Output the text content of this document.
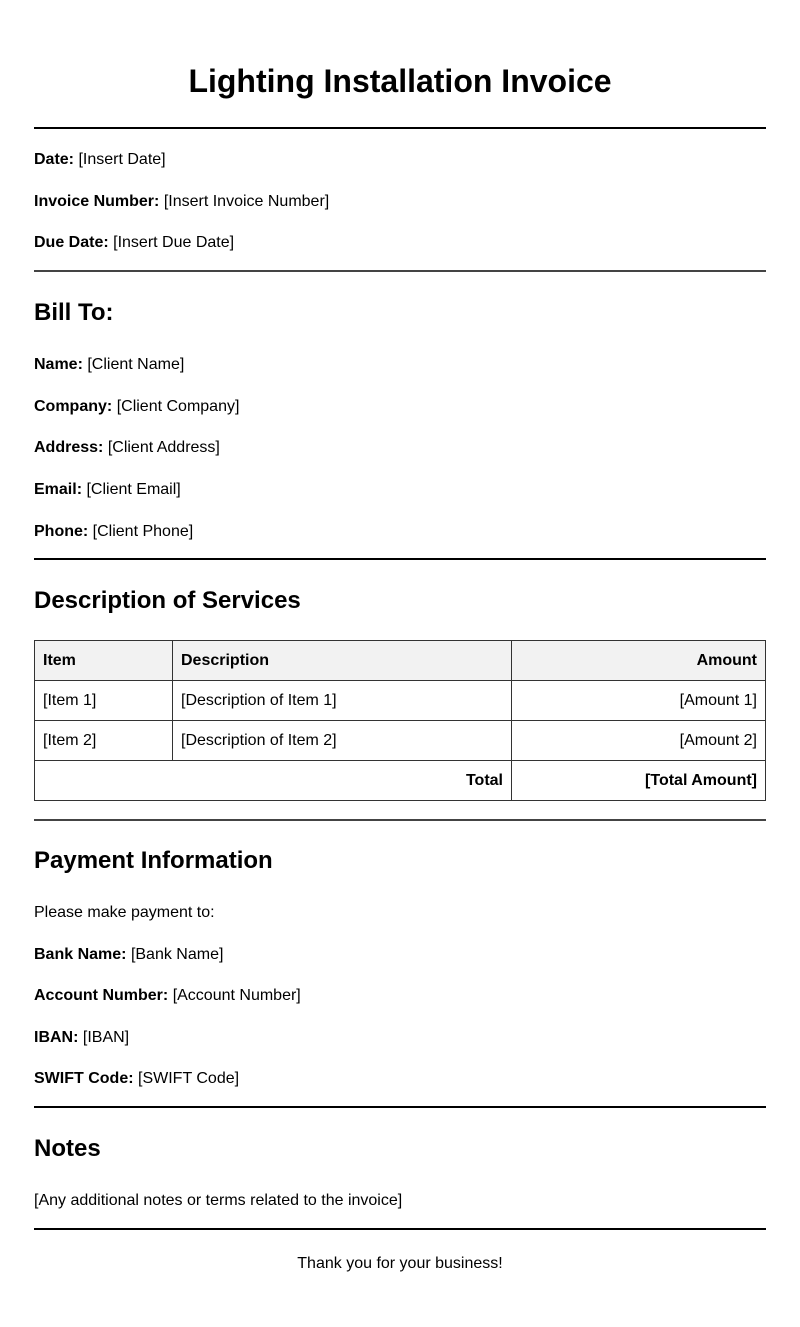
Lighting Installation Invoice
Date: [Insert Date]
Invoice Number: [Insert Invoice Number]
Due Date: [Insert Due Date]
Bill To:
Name: [Client Name]
Company: [Client Company]
Address: [Client Address]
Email: [Client Email]
Phone: [Client Phone]
Description of Services
Item	Description	Amount
[Item 1]	[Description of Item 1]	[Amount 1]
[Item 2]	[Description of Item 2]	[Amount 2]
Total		[Total Amount]
Payment Information
Please make payment to:
Bank Name: [Bank Name]
Account Number: [Account Number]
IBAN: [IBAN]
SWIFT Code: [SWIFT Code]
Notes
[Any additional notes or terms related to the invoice]
Thank you for your business!
